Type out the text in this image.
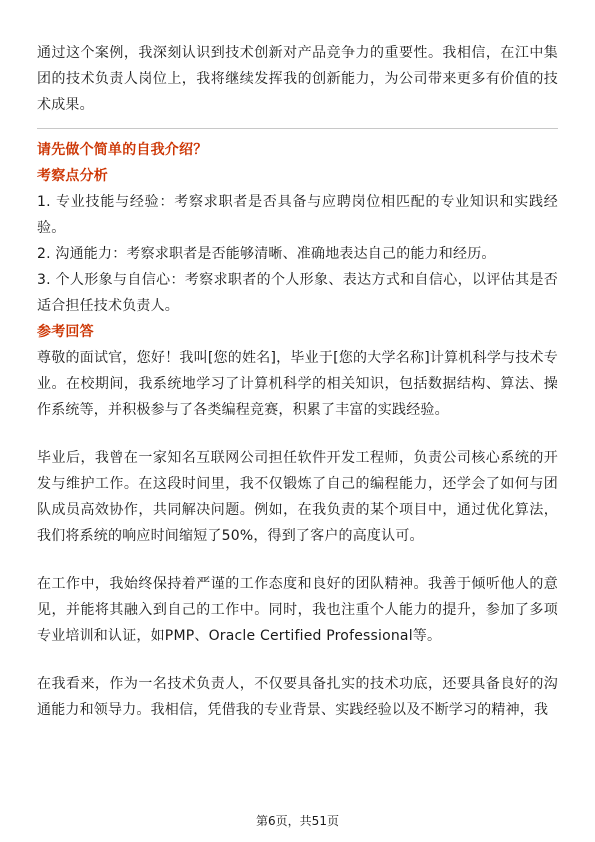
通过这个案例，我深刻认识到技术创新对产品竞争力的重要性。我相信，在江中集团的技术负责人岗位上，我将继续发挥我的创新能力，为公司带来更多有价值的技术成果。

请先做个简单的自我介绍？

考察点分析

1. 专业技能与经验：考察求职者是否具备与应聘岗位相匹配的专业知识和实践经验。

2. 沟通能力：考察求职者是否能够清晰、准确地表达自己的能力和经历。

3. 个人形象与自信心：考察求职者的个人形象、表达方式和自信心，以评估其是否适合担任技术负责人。

参考回答

尊敬的面试官，您好！我叫[您的姓名]，毕业于[您的大学名称]计算机科学与技术专业。在校期间，我系统地学习了计算机科学的相关知识，包括数据结构、算法、操作系统等，并积极参与了各类编程竞赛，积累了丰富的实践经验。

毕业后，我曾在一家知名互联网公司担任软件开发工程师，负责公司核心系统的开发与维护工作。在这段时间里，我不仅锻炼了自己的编程能力，还学会了如何与团队成员高效协作，共同解决问题。例如，在我负责的某个项目中，通过优化算法，我们将系统的响应时间缩短了50%，得到了客户的高度认可。

在工作中，我始终保持着严谨的工作态度和良好的团队精神。我善于倾听他人的意见，并能将其融入到自己的工作中。同时，我也注重个人能力的提升，参加了多项专业培训和认证，如PMP、Oracle Certified Professional等。

在我看来，作为一名技术负责人，不仅要具备扎实的技术功底，还要具备良好的沟通能力和领导力。我相信，凭借我的专业背景、实践经验以及不断学习的精神，我

第6页，共51页
